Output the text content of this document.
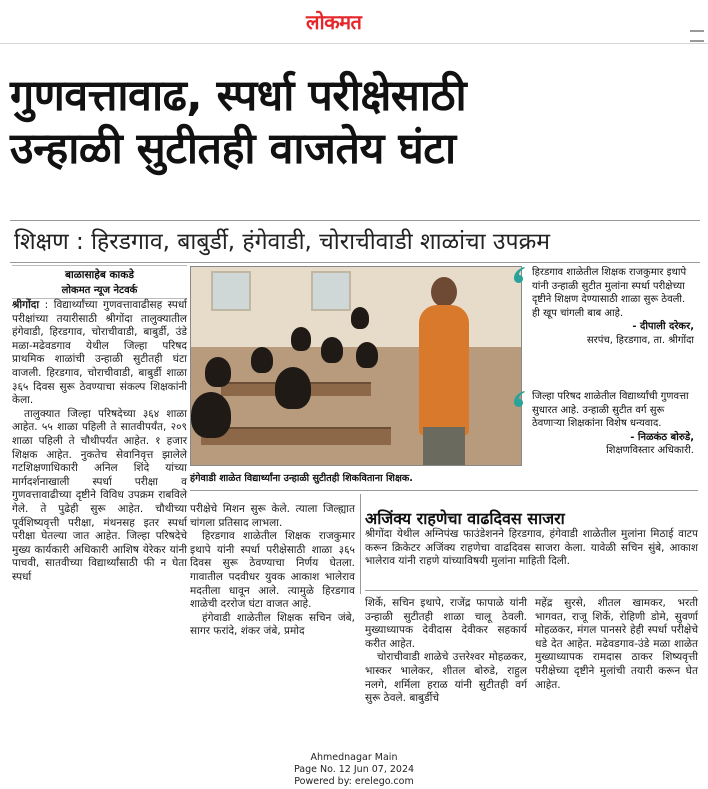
लोकमत
गुणवत्तावाढ, स्पर्धा परीक्षेसाठी
उन्हाळी सुटीतही वाजतेय घंटा
शिक्षण : हिरडगाव, बाबुर्डी, हंगेवाडी, चोराचीवाडी शाळांचा उपक्रम
बाळासाहेब काकडे
लोकमत न्यूज नेटवर्क

श्रीगोंदा : विद्यार्थ्यांच्या गुणवत्तावाढीसह स्पर्धा परीक्षांच्या तयारीसाठी श्रीगोंदा तालुक्यातील हंगेवाडी, हिरडगाव, चोराचीवाडी, बाबुर्डी, उंडे मळा-मढेवडगाव येथील जिल्हा परिषद प्राथमिक शाळांची उन्हाळी सुटीतही घंटा वाजली. हिरडगाव, चोराचीवाडी, बाबुर्डी शाळा ३६५ दिवस सुरू ठेवण्याचा संकल्प शिक्षकांनी केला.

तालुक्यात जिल्हा परिषदेच्या ३६४ शाळा आहेत. ५५ शाळा पहिली ते सातवीपर्यंत, २०९ शाळा पहिली ते चौथीपर्यंत आहेत. १ हजार शिक्षक आहेत. नुकतेच सेवानिवृत्त झालेले गटशिक्षणाधिकारी अनिल शिंदे यांच्या मार्गदर्शनाखाली स्पर्धा परीक्षा व गुणवत्तावाढीच्या दृष्टीने विविध उपक्रम राबविले गेले. ते पुढेही सुरू आहेत. चौथीच्या पूर्वशिष्यवृत्ती परीक्षा, मंथनसह इतर स्पर्धा परीक्षा घेतल्या जात आहेत. जिल्हा परिषदेचे मुख्य कार्यकारी अधिकारी आशिष येरेकर यांनी पाचवी, सातवीच्या विद्यार्थ्यांसाठी फी न घेता स्पर्धा

हंगेवाडी शाळेत विद्यार्थ्यांना उन्हाळी सुटीतही शिकविताना शिक्षक.
हिरडगाव शाळेतील शिक्षक राजकुमार इथापे यांनी उन्हाळी सुटीत मुलांना स्पर्धा परीक्षेच्या दृष्टीने शिक्षण देण्यासाठी शाळा सुरू ठेवली. ही खूप चांगली बाब आहे.
- दीपाली दरेकर,
सरपंच, हिरडगाव, ता. श्रीगोंदा
जिल्हा परिषद शाळेतील विद्यार्थ्यांची गुणवत्ता सुधारत आहे. उन्हाळी सुटीत वर्ग सुरू ठेवणाऱ्या शिक्षकांना विशेष धन्यवाद.
- निळकंठ बोरुडे,
शिक्षणविस्तार अधिकारी.

परीक्षेचे मिशन सुरू केले. त्याला जिल्ह्यात चांगला प्रतिसाद लाभला.

हिरडगाव शाळेतील शिक्षक राजकुमार इथापे यांनी स्पर्धा परीक्षेसाठी शाळा ३६५ दिवस सुरू ठेवण्याचा निर्णय घेतला. गावातील पदवीधर युवक आकाश भालेराव मदतीला धावून आले. त्यामुळे हिरडगाव शाळेची दररोज घंटा वाजत आहे.

हंगेवाडी शाळेतील शिक्षक सचिन जंबे, सागर फरांदे, शंकर जंबे, प्रमोद

अजिंक्य राहणेचा वाढदिवस साजरा

श्रीगोंदा येथील अग्निपंख फाउंडेशनने हिरडगाव, हंगेवाडी शाळेतील मुलांना मिठाई वाटप करून क्रिकेटर अजिंक्य राहणेचा वाढदिवस साजरा केला. यावेळी सचिन सुंबे, आकाश भालेराव यांनी राहणे यांच्याविषयी मुलांना माहिती दिली.

शिर्के, सचिन इथापे, राजेंद्र फापाळे यांनी उन्हाळी सुटीतही शाळा चालू ठेवली. मुख्याध्यापक देवीदास देवीकर सहकार्य करीत आहेत.

चोराचीवाडी शाळेचे उत्तरेश्वर मोहळकर, भास्कर भालेकर, शीतल बोरुडे, राहुल नलगे, शर्मिला हराळ यांनी सुटीतही वर्ग सुरू ठेवले. बाबुर्डीचे

महेंद्र सुरसे, शीतल खामकर, भरती भागवत, राजू शिर्के, रोहिणी डोमे, सुवर्णा मोहळकर, मंगल पानसरे हेही स्पर्धा परीक्षेचे धडे देत आहेत. मढेवडगाव-उंडे मळा शाळेत मुख्याध्यापक रामदास ठाकर शिष्यवृत्ती परीक्षेच्या दृष्टीने मुलांची तयारी करून घेत आहेत.

Ahmednagar Main
Page No. 12 Jun 07, 2024
Powered by: erelego.com
